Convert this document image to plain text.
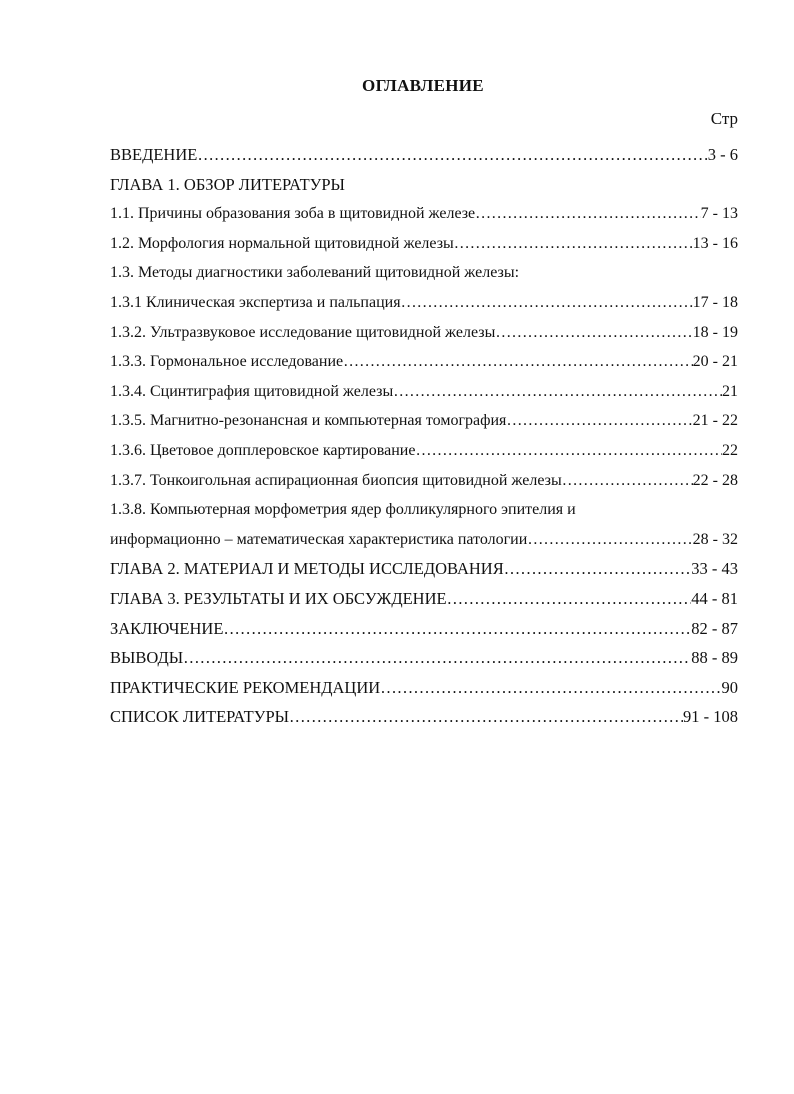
ОГЛАВЛЕНИЕ
Стр
ВВЕДЕНИЕ …………………………………………………………………………………………………………………………………………	3 - 6
ГЛАВА 1. ОБЗОР ЛИТЕРАТУРЫ
1.1. Причины образования зоба в щитовидной железе …………………………………………………………………………………………………………………………………………	7 - 13
1.2. Морфология нормальной щитовидной железы …………………………………………………………………………………………………………………………………………	13 - 16
1.3. Методы диагностики заболеваний щитовидной железы:
1.3.1 Клиническая экспертиза и пальпация …………………………………………………………………………………………………………………………………………	17 - 18
1.3.2. Ультразвуковое исследование щитовидной железы …………………………………………………………………………………………………………………………………………	18 - 19
1.3.3. Гормональное исследование …………………………………………………………………………………………………………………………………………	20 - 21
1.3.4. Сцинтиграфия щитовидной железы …………………………………………………………………………………………………………………………………………	21
1.3.5. Магнитно-резонансная и компьютерная томография …………………………………………………………………………………………………………………………………………	21 - 22
1.3.6. Цветовое допплеровское картирование …………………………………………………………………………………………………………………………………………	22
1.3.7. Тонкоигольная аспирационная биопсия щитовидной железы …………………………………………………………………………………………………………………………………………	22 - 28
1.3.8. Компьютерная морфометрия ядер фолликулярного эпителия и
информационно – математическая характеристика патологии …………………………………………………………………………………………………………………………………………	28 - 32
ГЛАВА 2. МАТЕРИАЛ И МЕТОДЫ ИССЛЕДОВАНИЯ …………………………………………………………………………………………………………………………………………	33 - 43
ГЛАВА 3. РЕЗУЛЬТАТЫ И ИХ ОБСУЖДЕНИЕ …………………………………………………………………………………………………………………………………………	44 - 81
ЗАКЛЮЧЕНИЕ …………………………………………………………………………………………………………………………………………	82 - 87
ВЫВОДЫ …………………………………………………………………………………………………………………………………………	88 - 89
ПРАКТИЧЕСКИЕ РЕКОМЕНДАЦИИ …………………………………………………………………………………………………………………………………………	90
СПИСОК ЛИТЕРАТУРЫ …………………………………………………………………………………………………………………………………………	91 - 108
